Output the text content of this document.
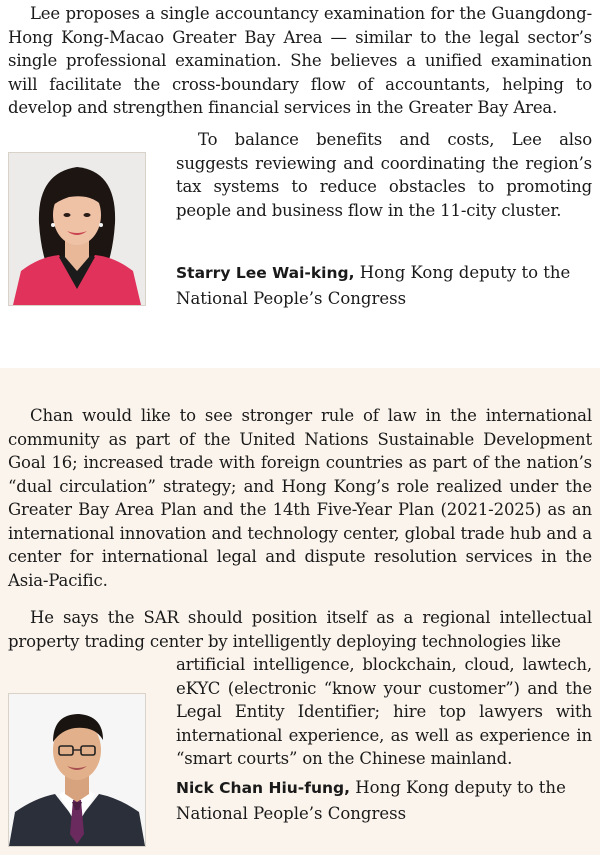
Lee proposes a single accountancy examination for the Guangdong-Hong Kong-Macao Greater Bay Area — similar to the legal sector’s single professional examination. She believes a unified examination will facilitate the cross-boundary flow of accountants, helping to develop and strengthen financial services in the Greater Bay Area.

To balance benefits and costs, Lee also suggests reviewing and coordinating the region’s tax systems to reduce obstacles to promoting people and business flow in the 11-city cluster.

Starry Lee Wai-king, Hong Kong deputy to the National People’s Congress

Chan would like to see stronger rule of law in the international community as part of the United Nations Sustainable Development Goal 16; increased trade with foreign countries as part of the nation’s “dual circulation” strategy; and Hong Kong’s role realized under the Greater Bay Area Plan and the 14th Five-Year Plan (2021-2025) as an international innovation and technology center, global trade hub and a center for international legal and dispute resolution services in the Asia-Pacific.

He says the SAR should position itself as a regional intellectual property trading center by intelligently deploying technologies like
artificial intelligence, blockchain, cloud, lawtech, eKYC (electronic “know your customer”) and the Legal Entity Identifier; hire top lawyers with international experience, as well as experience in “smart courts” on the Chinese mainland.
Nick Chan Hiu-fung, Hong Kong deputy to the National People’s Congress
